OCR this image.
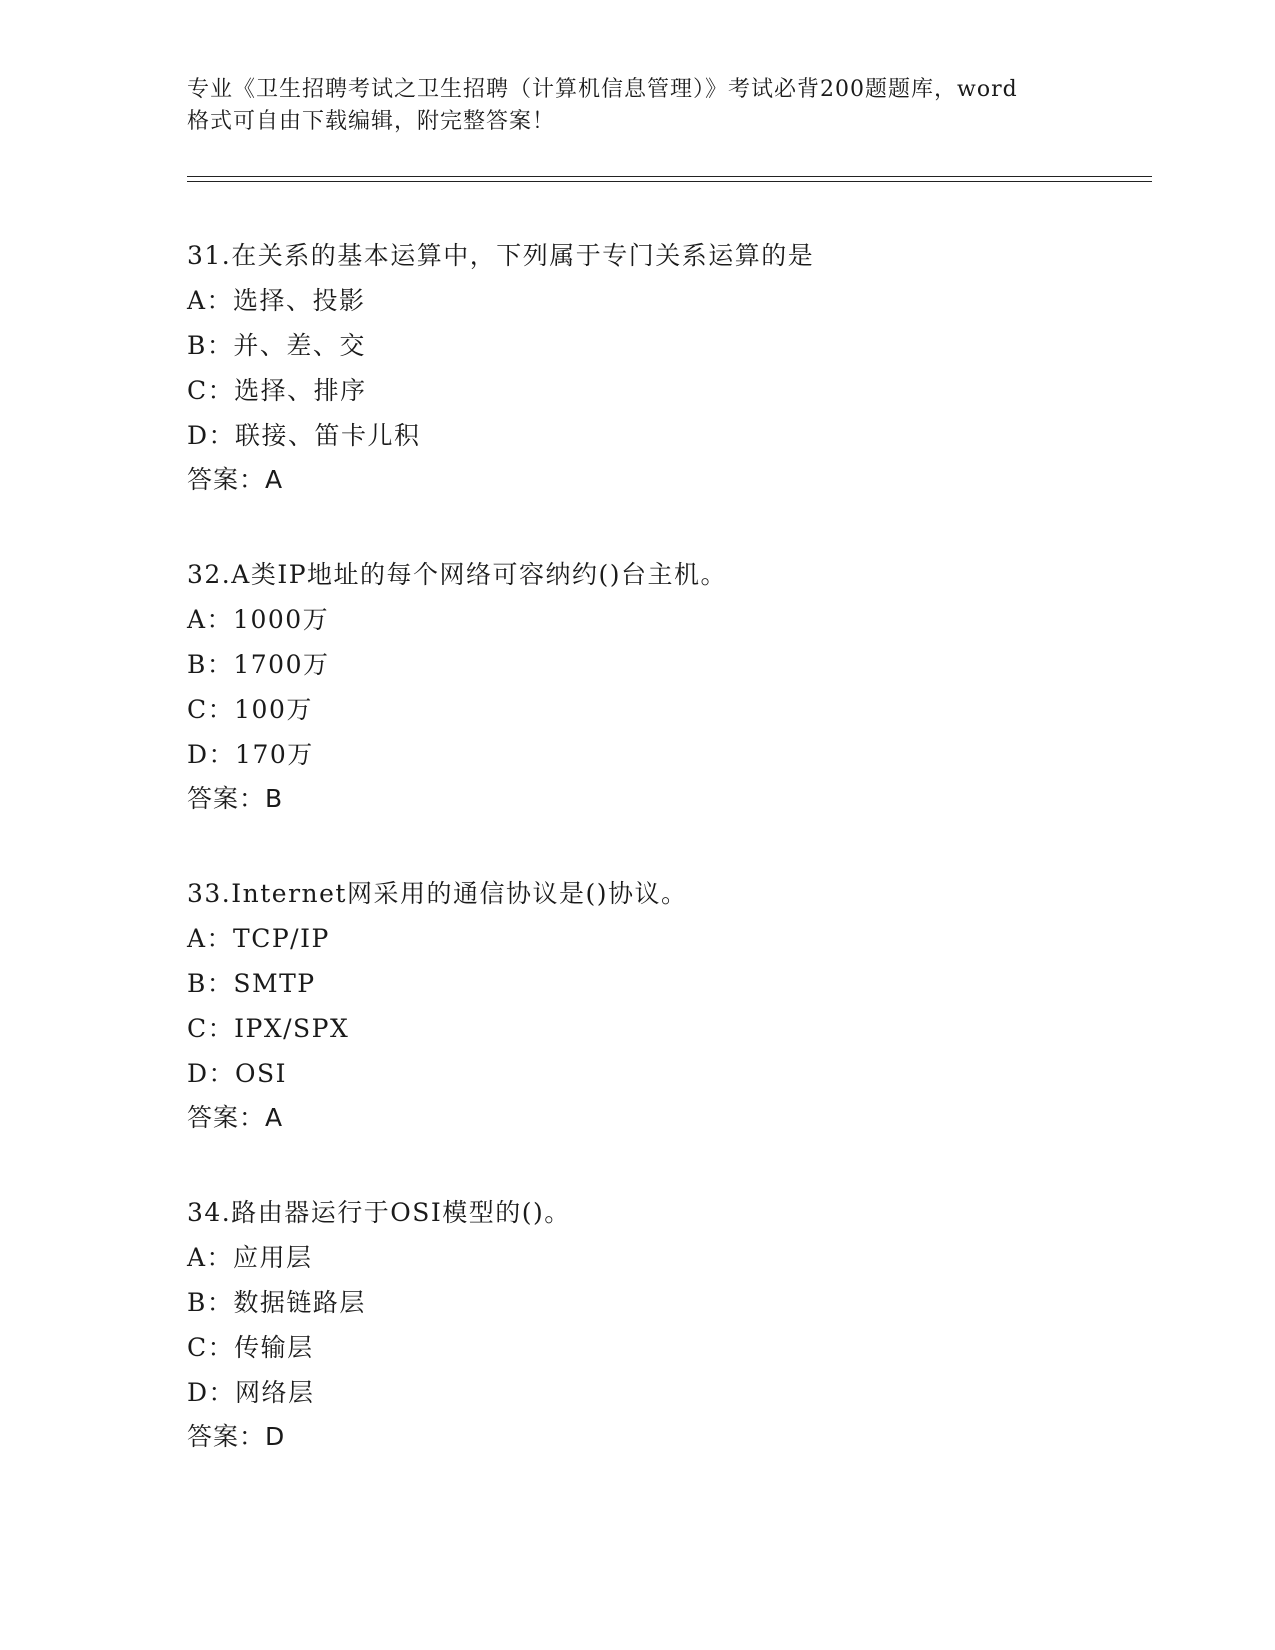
专业《卫生招聘考试之卫生招聘（计算机信息管理）》考试必背200题题库，word
格式可自由下载编辑，附完整答案！
31.在关系的基本运算中，下列属于专门关系运算的是
A：选择、投影
B：并、差、交
C：选择、排序
D：联接、笛卡儿积
答案：A
32.A类IP地址的每个网络可容纳约()台主机。
A：1000万
B：1700万
C：100万
D：170万
答案：B
33.Internet网采用的通信协议是()协议。
A：TCP/IP
B：SMTP
C：IPX/SPX
D：OSI
答案：A
34.路由器运行于OSI模型的()。
A：应用层
B：数据链路层
C：传输层
D：网络层
答案：D
